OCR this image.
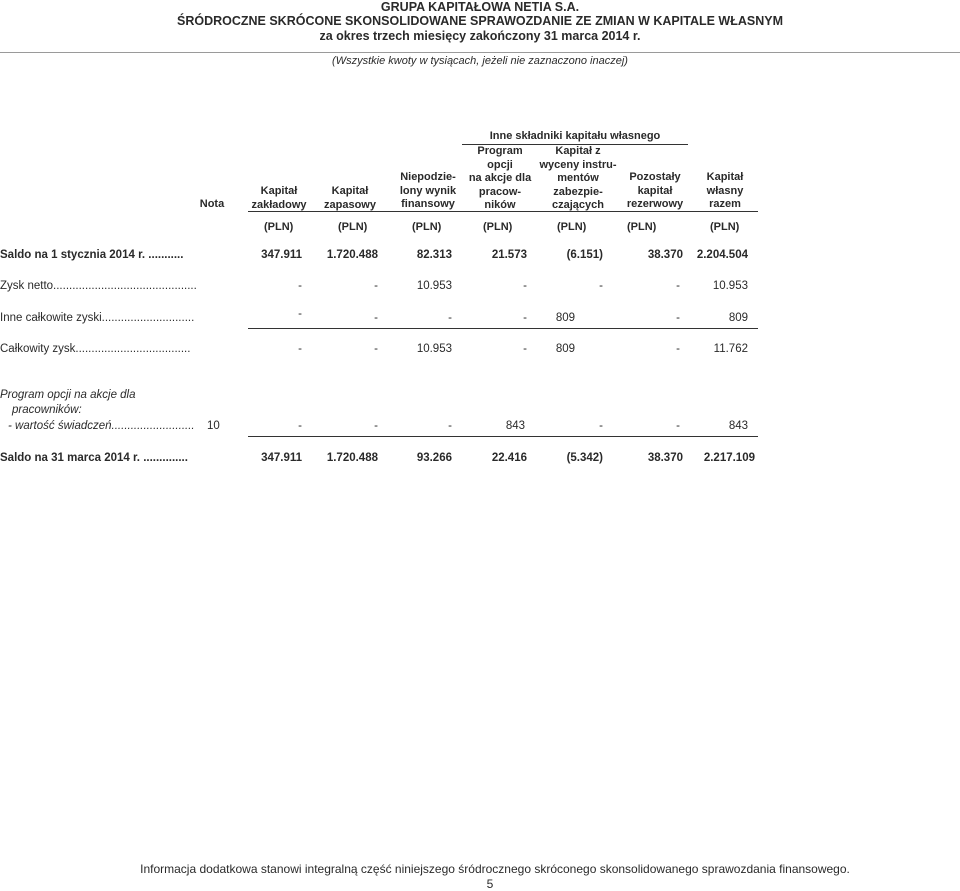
GRUPA KAPITAŁOWA NETIA S.A.
ŚRÓDROCZNE SKRÓCONE SKONSOLIDOWANE SPRAWOZDANIE ZE ZMIAN W KAPITALE WŁASNYM
za okres trzech miesięcy zakończony 31 marca 2014 r.
(Wszystkie kwoty w tysiącach, jeżeli nie zaznaczono inaczej)
Inne składniki kapitału własnego
Nota
Kapitał
zakładowy
Kapitał
zapasowy
Niepodzie-
lony wynik
finansowy
Program
opcji
na akcje dla
pracow-
ników
Kapitał z
wyceny instru-
mentów
zabezpie-
czających
Pozostały
kapitał
rezerwowy
Kapitał
własny
razem
(PLN)	(PLN)	(PLN)	(PLN)	(PLN)	(PLN)	(PLN)
Saldo na 1 stycznia 2014 r. ...........	347.911 1.720.488	82.313	21.573	(6.151)	38.370 2.204.504
Zysk netto.............................................	-	-	10.953	-	-	-	10.953
Inne całkowite zyski.............................	-	-	-	-	809	-	809
Całkowity zysk....................................	-	-	10.953	-	809	-	11.762
Program opcji na akcje dla
pracowników:
- wartość świadczeń.......................... 10	-	-	-	843	-	-	843
Saldo na 31 marca 2014 r. ..............	347.911 1.720.488	93.266	22.416	(5.342)	38.370 2.217.109
Informacja dodatkowa stanowi integralną część niniejszego śródrocznego skróconego skonsolidowanego sprawozdania finansowego.
5
